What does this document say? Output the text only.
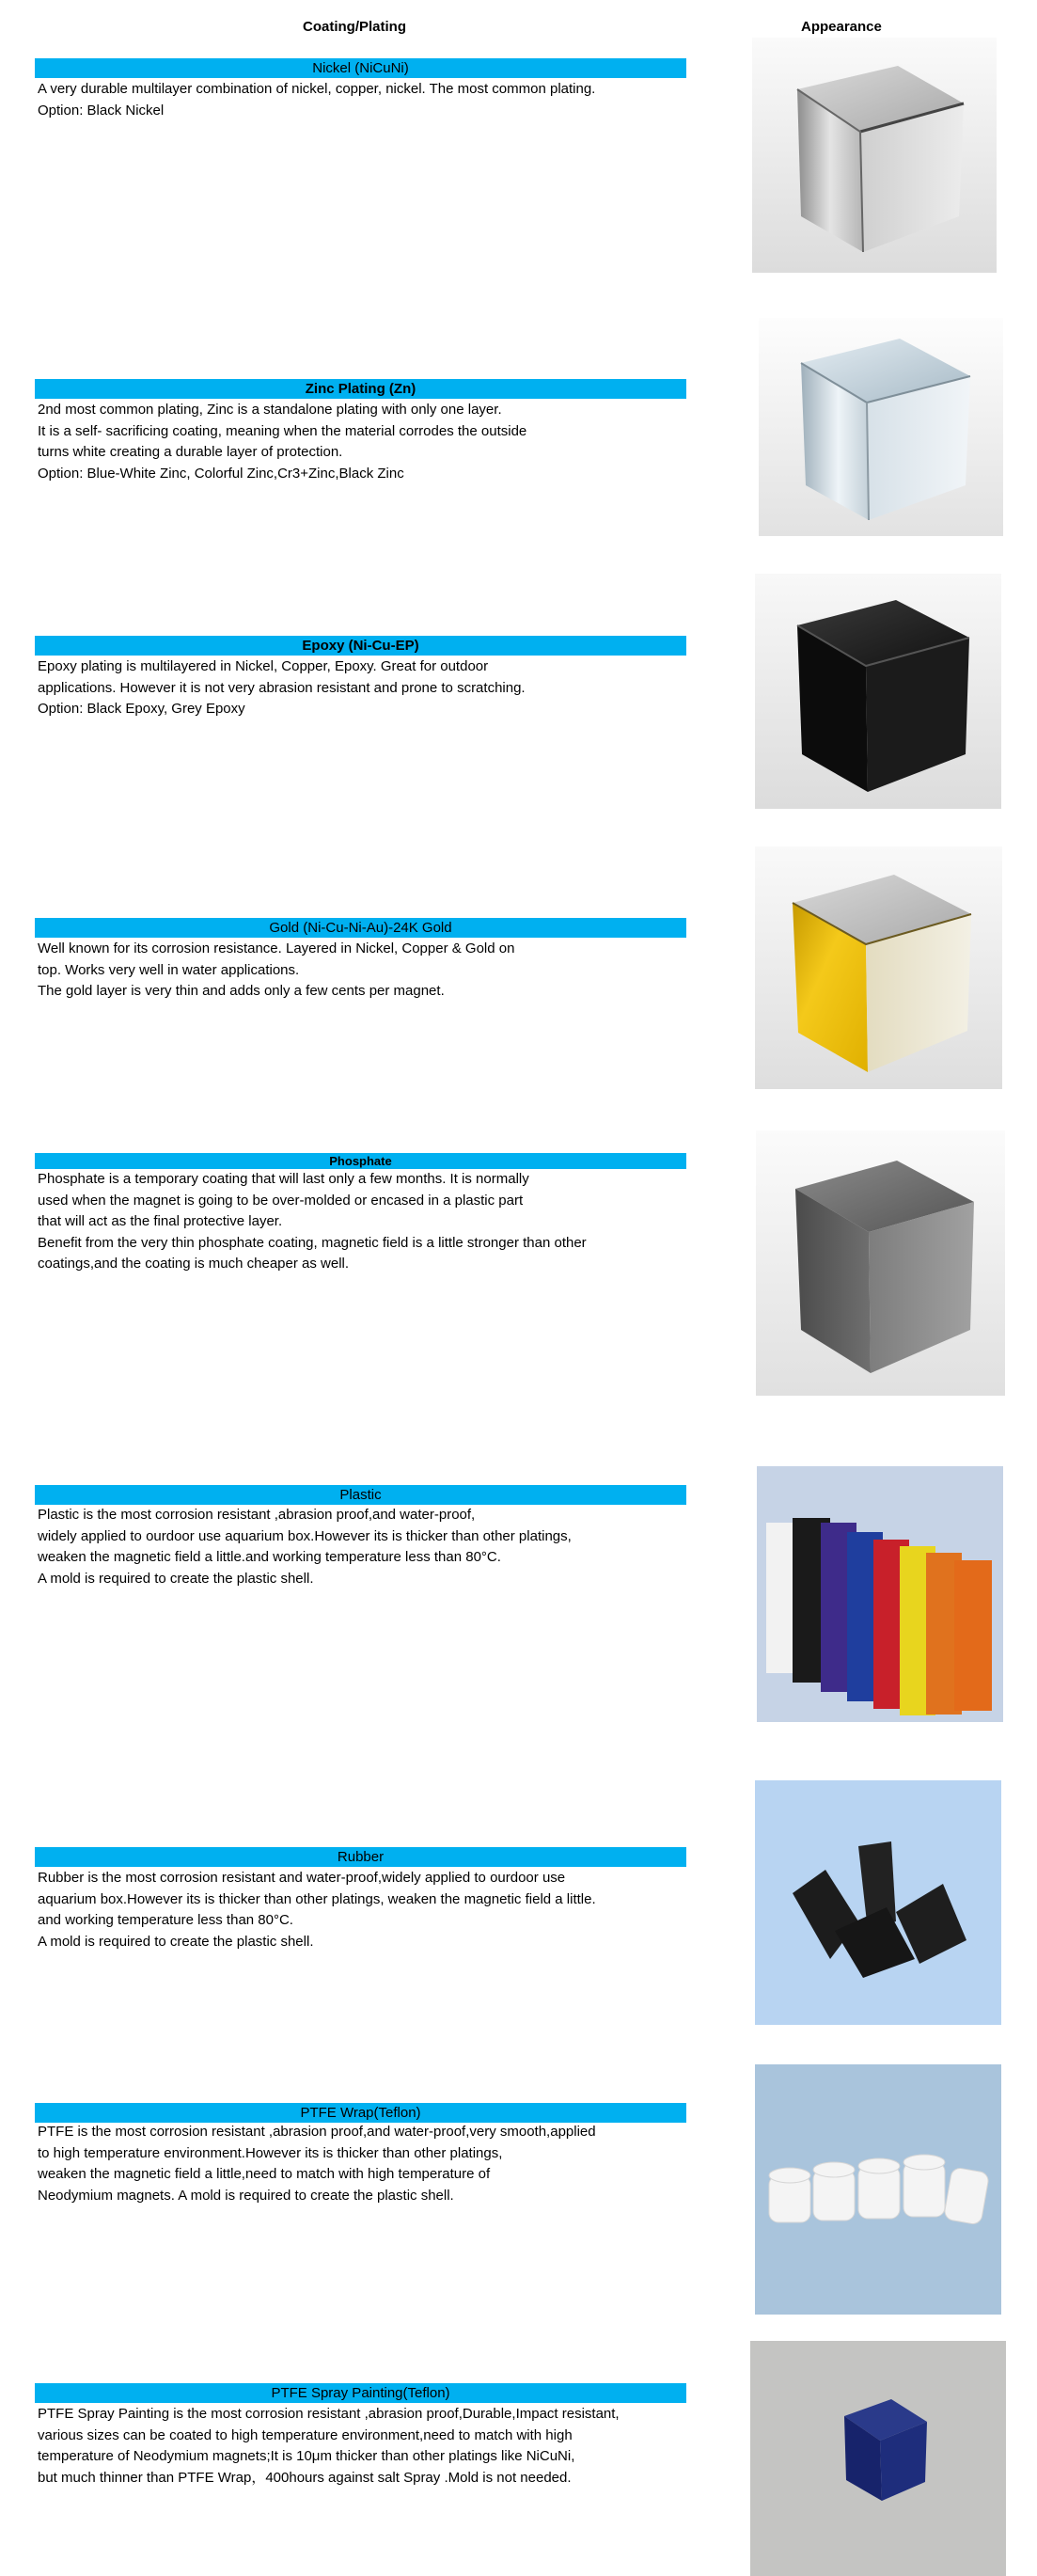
Coating/Plating	Appearance
Nickel (NiCuNi)
A very durable multilayer combination of nickel, copper, nickel. The most common plating.
Option: Black Nickel
Zinc Plating (Zn)
2nd most common plating, Zinc is a standalone plating with only one layer.
It is a self- sacrificing coating, meaning when the material corrodes the outside
turns white creating a durable layer of protection.
Option: Blue-White Zinc, Colorful Zinc,Cr3+Zinc,Black Zinc
Epoxy (Ni-Cu-EP)
Epoxy plating is multilayered in Nickel, Copper, Epoxy. Great for outdoor
applications. However it is not very abrasion resistant and prone to scratching.
Option: Black Epoxy, Grey Epoxy
Gold (Ni-Cu-Ni-Au)-24K Gold
Well known for its corrosion resistance. Layered in Nickel, Copper & Gold on
top. Works very well in water applications.
The gold layer is very thin and adds only a few cents per magnet.
Phosphate
Phosphate is a temporary coating that will last only a few months. It is normally
used when the magnet is going to be over-molded or encased in a plastic part
that will act as the final protective layer.
Benefit from the very thin phosphate coating, magnetic field is a little stronger than other
coatings,and the coating is much cheaper as well.
Plastic
Plastic is the most corrosion resistant ,abrasion proof,and water-proof,
widely applied to ourdoor use aquarium box.However its is thicker than other platings,
weaken the magnetic field a little.and working temperature less than 80°C.
A mold is required to create the plastic shell.
Rubber
Rubber is the most corrosion resistant and water-proof,widely applied to ourdoor use
aquarium box.However its is thicker than other platings, weaken the magnetic field a little.
and working temperature less than 80°C.
A mold is required to create the plastic shell.
PTFE Wrap(Teflon)
PTFE is the most corrosion resistant ,abrasion proof,and water-proof,very smooth,applied
to high temperature environment.However its is thicker than other platings,
weaken the magnetic field a little,need to match with high temperature of
Neodymium magnets. A mold is required to create the plastic shell.
PTFE Spray Painting(Teflon)
PTFE Spray Painting is the most corrosion resistant ,abrasion proof,Durable,Impact resistant,
various sizes can be coated to high temperature environment,need to match with high
temperature of Neodymium magnets;It is 10μm thicker than other platings like NiCuNi,
but much thinner than PTFE Wrap，400hours against salt Spray .Mold is not needed.
